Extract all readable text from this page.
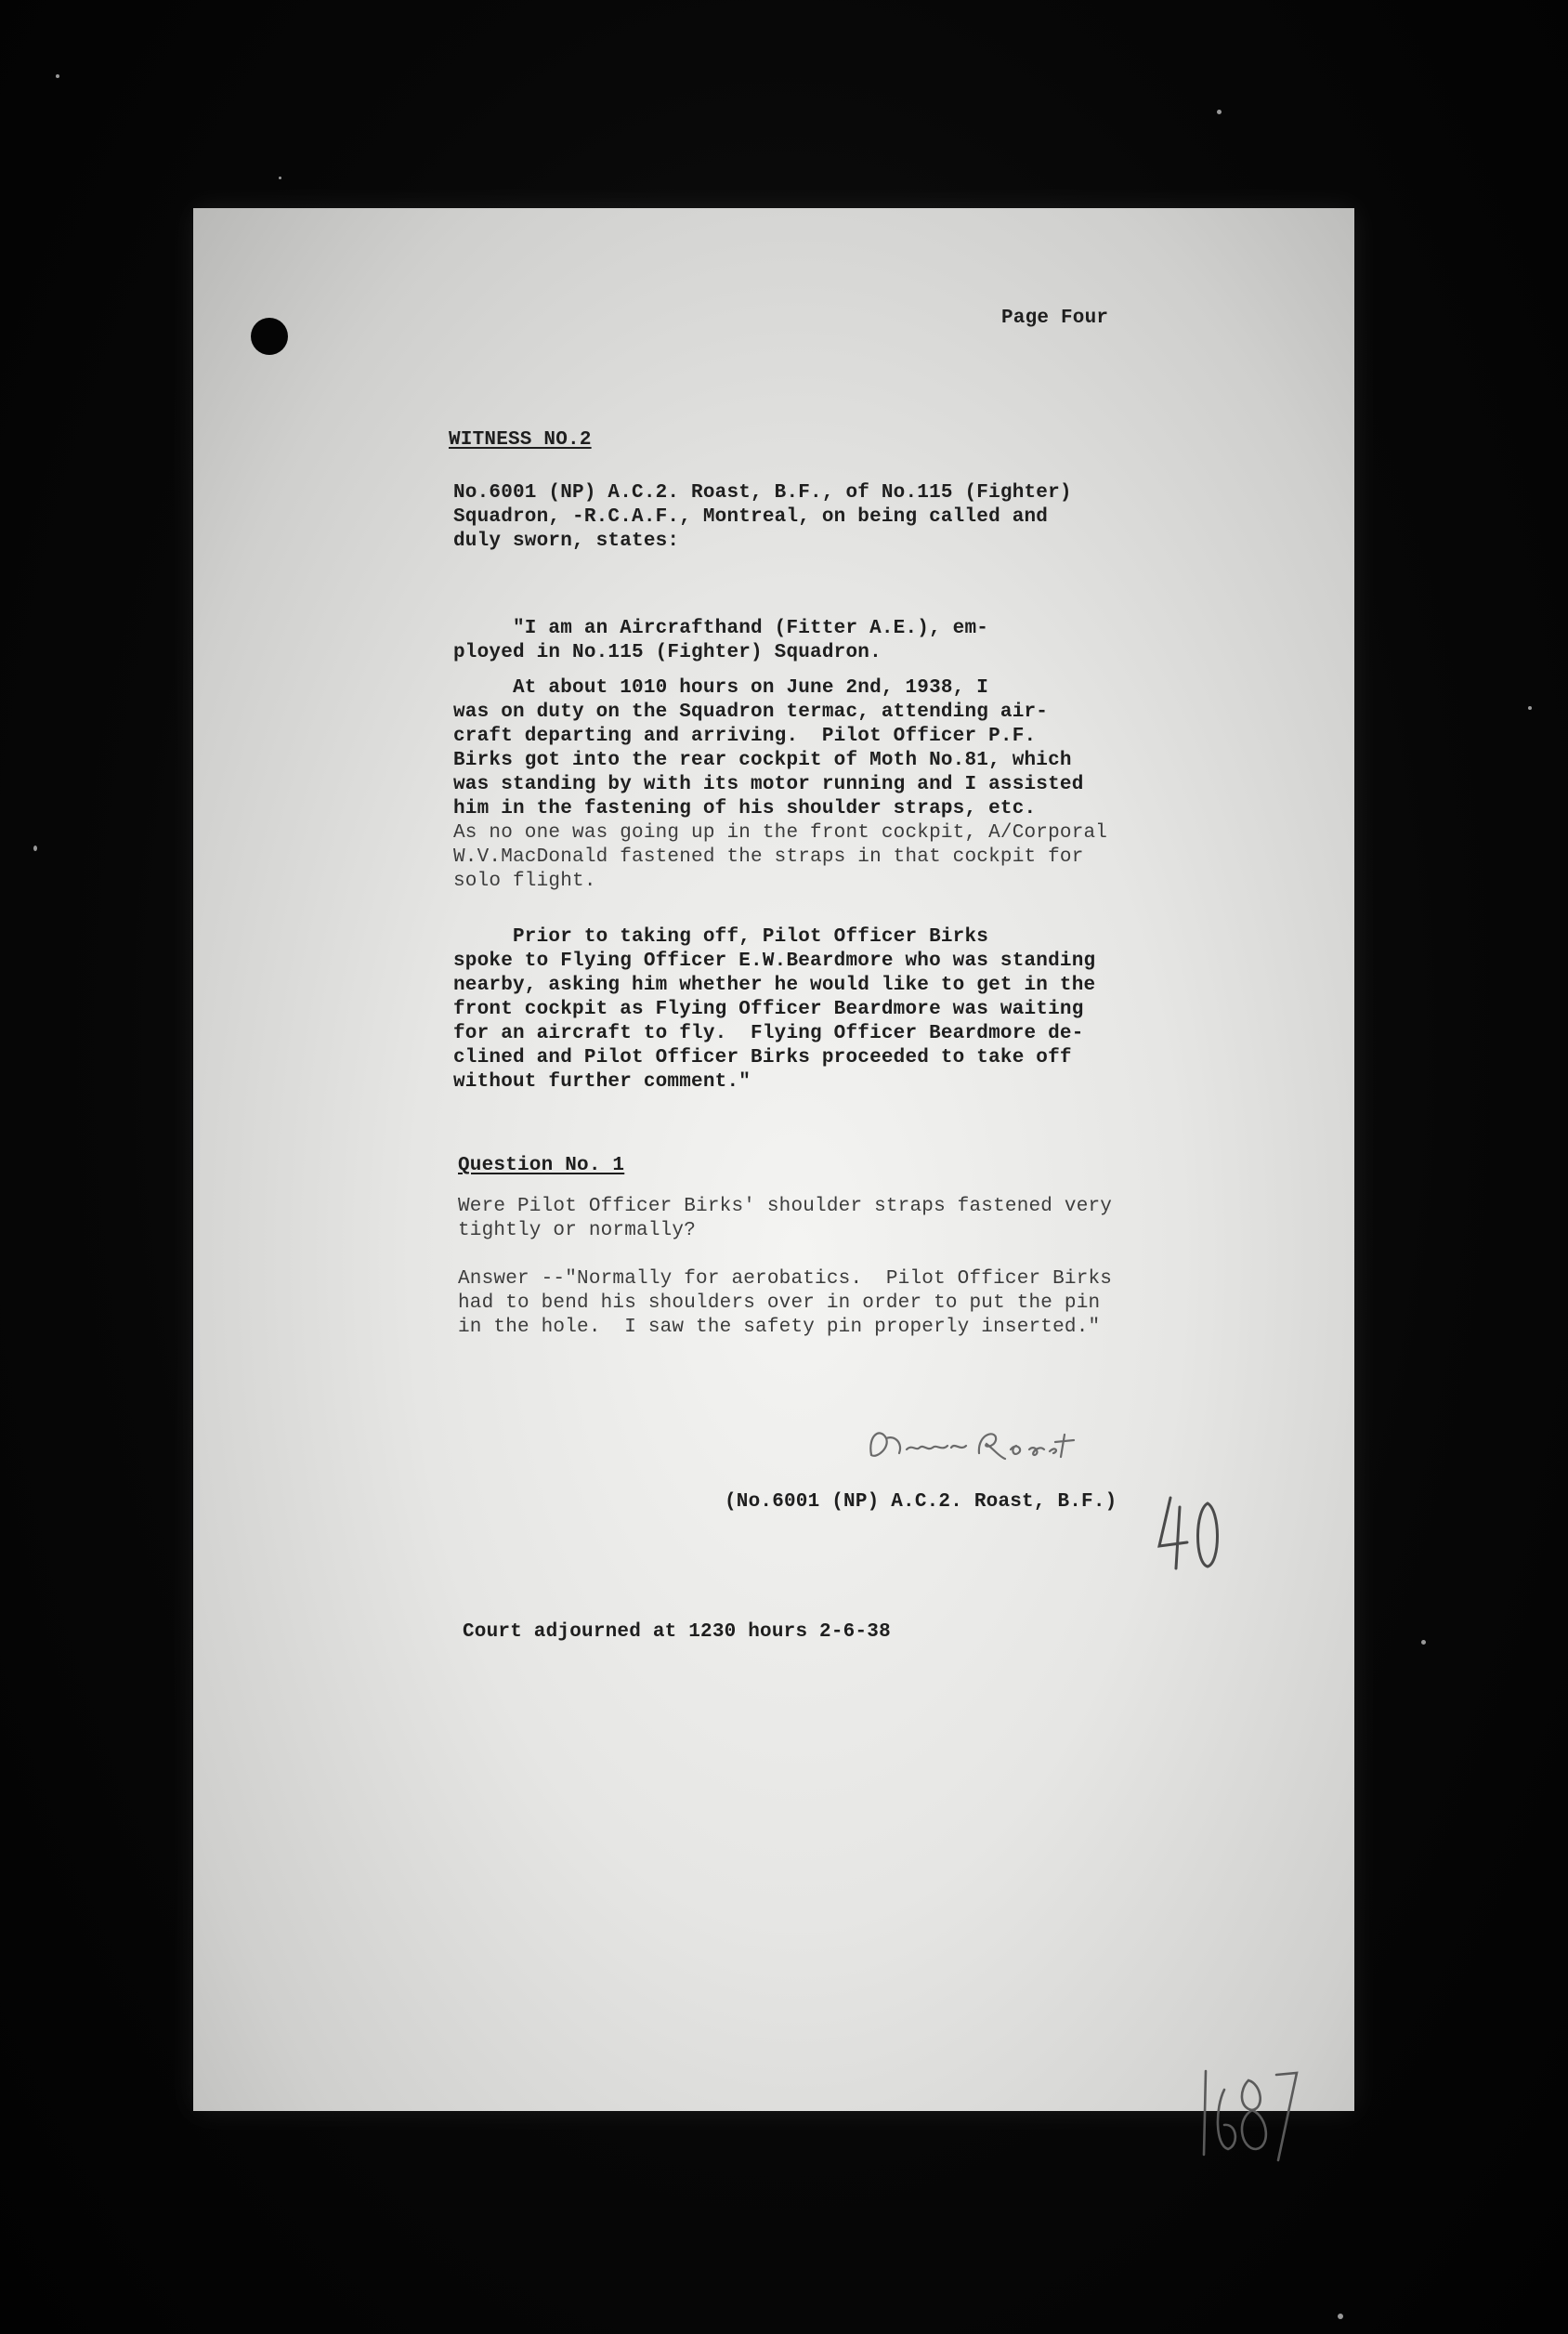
Page Four
WITNESS NO.2
No.6001 (NP) A.C.2. Roast, B.F., of No.115 (Fighter)
Squadron, -R.C.A.F., Montreal, on being called and
duly sworn, states:
"I am an Aircrafthand (Fitter A.E.), em-
ployed in No.115 (Fighter) Squadron.
At about 1010 hours on June 2nd, 1938, I
was on duty on the Squadron termac, attending air-
craft departing and arriving.  Pilot Officer P.F.
Birks got into the rear cockpit of Moth No.81, which
was standing by with its motor running and I assisted
him in the fastening of his shoulder straps, etc.
As no one was going up in the front cockpit, A/Corporal
W.V.MacDonald fastened the straps in that cockpit for
solo flight.
Prior to taking off, Pilot Officer Birks
spoke to Flying Officer E.W.Beardmore who was standing
nearby, asking him whether he would like to get in the
front cockpit as Flying Officer Beardmore was waiting
for an aircraft to fly.  Flying Officer Beardmore de-
clined and Pilot Officer Birks proceeded to take off
without further comment."
Question No. 1
Were Pilot Officer Birks' shoulder straps fastened very
tightly or normally?
Answer --"Normally for aerobatics.  Pilot Officer Birks
had to bend his shoulders over in order to put the pin
in the hole.  I saw the safety pin properly inserted."
(No.6001 (NP) A.C.2. Roast, B.F.)
Court adjourned at 1230 hours 2-6-38
